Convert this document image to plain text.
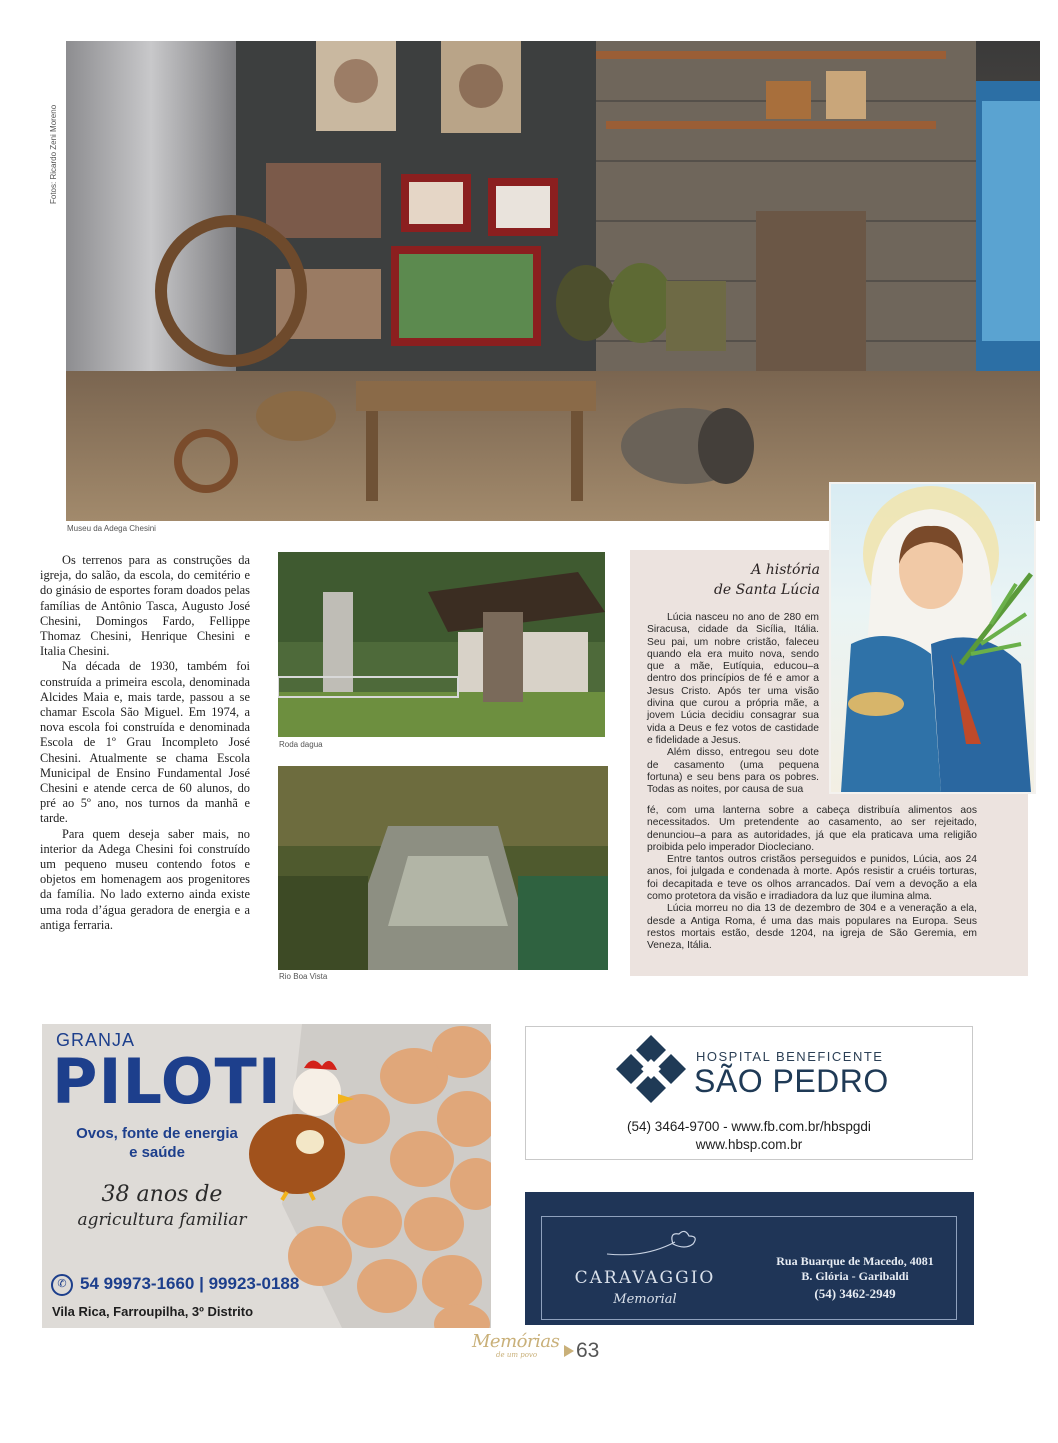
Fotos: Ricardo Zeni Moreno
Museu da Adega Chesini

Os terrenos para as construções da igreja, do salão, da escola, do cemitério e do ginásio de esportes foram doados pelas famílias de Antônio Tasca, Augusto José Chesini, Domingos Fardo, Fellippe Thomaz Chesini, Henrique Chesini e Italia Chesini.

Na década de 1930, também foi construída a primeira escola, denominada Alcides Maia e, mais tarde, passou a se chamar Escola São Miguel. Em 1974, a nova escola foi construída e denominada Escola de 1º Grau Incompleto José Chesini. Atualmente se chama Escola Municipal de Ensino Fundamental José Chesini e atende cerca de 60 alunos, do pré ao 5º ano, nos turnos da manhã e tarde.

Para quem deseja saber mais, no interior da Adega Chesini foi construído um pequeno museu contendo fotos e objetos em homenagem aos progenitores da família. No lado externo ainda existe uma roda d’água geradora de energia e a antiga ferraria.

Roda dagua
Rio Boa Vista
A história
de Santa Lúcia

Lúcia nasceu no ano de 280 em Siracusa, cidade da Sicília, Itália. Seu pai, um nobre cristão, faleceu quando ela era muito nova, sendo que a mãe, Eutíquia, educou–a dentro dos princípios de fé e amor a Jesus Cristo. Após ter uma visão divina que curou a própria mãe, a jovem Lúcia decidiu consagrar sua vida a Deus e fez votos de castidade e fidelidade a Jesus.

Além disso, entregou seu dote de casamento (uma pequena fortuna) e seu bens para os pobres. Todas as noites, por causa de sua

fé, com uma lanterna sobre a cabeça distribuía alimentos aos necessitados. Um pretendente ao casamento, ao ser rejeitado, denunciou–a para as autoridades, já que ela praticava uma religião proibida pelo imperador Diocleciano.

Entre tantos outros cristãos perseguidos e punidos, Lúcia, aos 24 anos, foi julgada e condenada à morte. Após resistir a cruéis torturas, foi decapitada e teve os olhos arrancados. Daí vem a devoção a ela como protetora da visão e irradiadora da luz que ilumina alma.

Lúcia morreu no dia 13 de dezembro de 304 e a veneração a ela, desde a Antiga Roma, é uma das mais populares na Europa. Seus restos mortais estão, desde 1204, na igreja de São Geremia, em Veneza, Itália.

GRANJA
PILOTI
Ovos, fonte de energia
e saúde
38 anos de
agricultura familiar
✆ 54 99973-1660 | 99923-0188
Vila Rica, Farroupilha, 3º Distrito
HOSPITAL BENEFICENTE
SÃO PEDRO
(54) 3464-9700 - www.fb.com.br/hbspgdi
www.hbsp.com.br
CARAVAGGIO
Memorial
Rua Buarque de Macedo, 4081
B. Glória - Garibaldi
(54) 3462-2949
Memórias
de um povo 63
